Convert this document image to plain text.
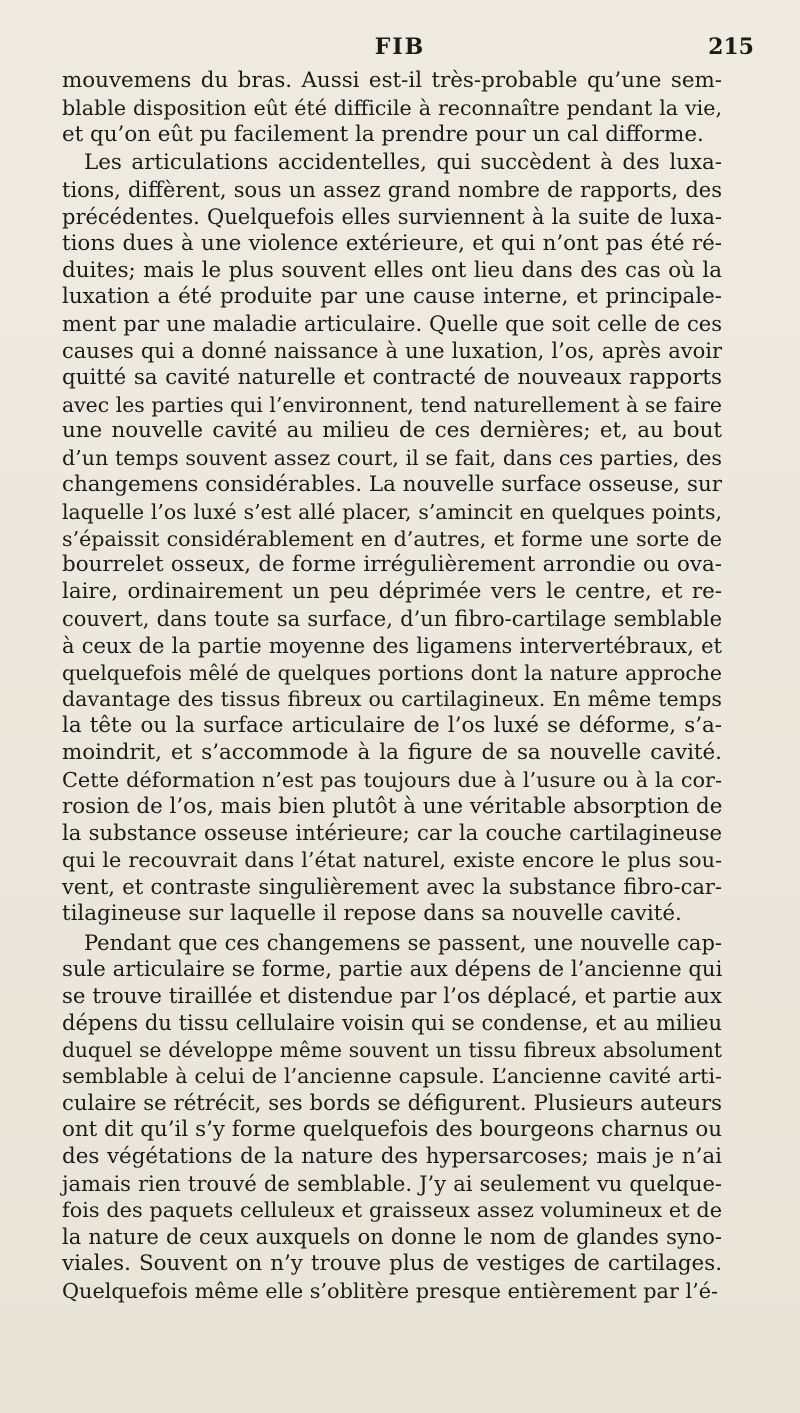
FIB	215

mouvemens du bras. Aussi est-il très-probable qu’une sem-

blable disposition eût été difficile à reconnaître pendant la vie,

et qu’on eût pu facilement la prendre pour un cal difforme.

Les articulations accidentelles, qui succèdent à des luxa-

tions, diffèrent, sous un assez grand nombre de rapports, des

précédentes. Quelquefois elles surviennent à la suite de luxa-

tions dues à une violence extérieure, et qui n’ont pas été ré-

duites; mais le plus souvent elles ont lieu dans des cas où la

luxation a été produite par une cause interne, et principale-

ment par une maladie articulaire. Quelle que soit celle de ces

causes qui a donné naissance à une luxation, l’os, après avoir

quitté sa cavité naturelle et contracté de nouveaux rapports

avec les parties qui l’environnent, tend naturellement à se faire

une nouvelle cavité au milieu de ces dernières; et, au bout

d’un temps souvent assez court, il se fait, dans ces parties, des

changemens considérables. La nouvelle surface osseuse, sur

laquelle l’os luxé s’est allé placer, s’amincit en quelques points,

s’épaissit considérablement en d’autres, et forme une sorte de

bourrelet osseux, de forme irrégulièrement arrondie ou ova-

laire, ordinairement un peu déprimée vers le centre, et re-

couvert, dans toute sa surface, d’un fibro-cartilage semblable

à ceux de la partie moyenne des ligamens intervertébraux, et

quelquefois mêlé de quelques portions dont la nature approche

davantage des tissus fibreux ou cartilagineux. En même temps

la tête ou la surface articulaire de l’os luxé se déforme, s’a-

moindrit, et s’accommode à la figure de sa nouvelle cavité.

Cette déformation n’est pas toujours due à l’usure ou à la cor-

rosion de l’os, mais bien plutôt à une véritable absorption de

la substance osseuse intérieure; car la couche cartilagineuse

qui le recouvrait dans l’état naturel, existe encore le plus sou-

vent, et contraste singulièrement avec la substance fibro-car-

tilagineuse sur laquelle il repose dans sa nouvelle cavité.

Pendant que ces changemens se passent, une nouvelle cap-

sule articulaire se forme, partie aux dépens de l’ancienne qui

se trouve tiraillée et distendue par l’os déplacé, et partie aux

dépens du tissu cellulaire voisin qui se condense, et au milieu

duquel se développe même souvent un tissu fibreux absolument

semblable à celui de l’ancienne capsule. L’ancienne cavité arti-

culaire se rétrécit, ses bords se défigurent. Plusieurs auteurs

ont dit qu’il s’y forme quelquefois des bourgeons charnus ou

des végétations de la nature des hypersarcoses; mais je n’ai

jamais rien trouvé de semblable. J’y ai seulement vu quelque-

fois des paquets celluleux et graisseux assez volumineux et de

la nature de ceux auxquels on donne le nom de glandes syno-

viales. Souvent on n’y trouve plus de vestiges de cartilages.

Quelquefois même elle s’oblitère presque entièrement par l’é-
